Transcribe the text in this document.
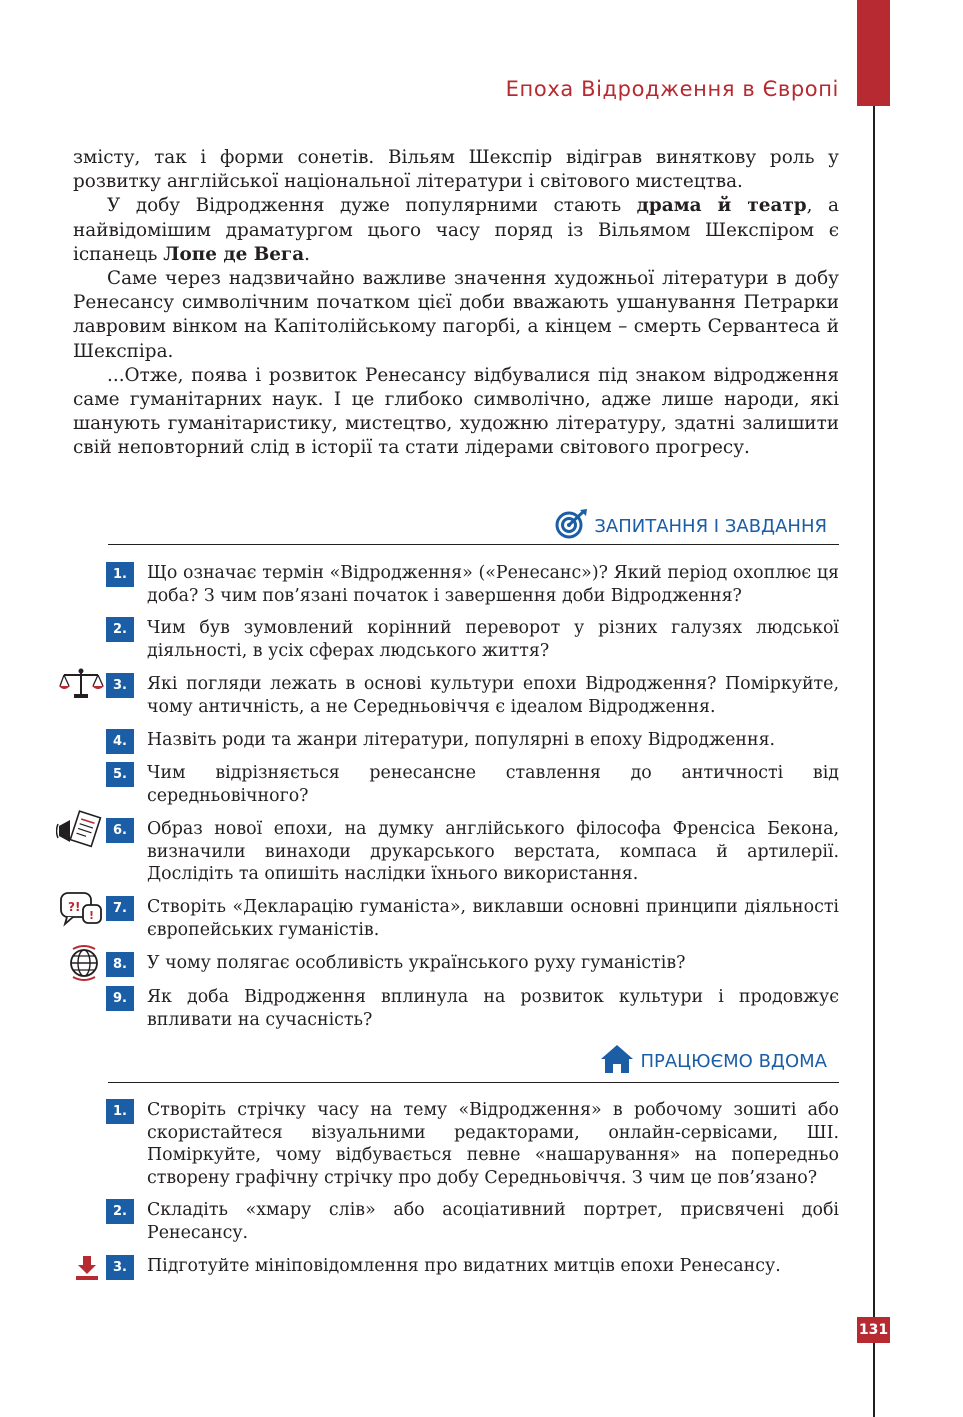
Епоха Відродження в Європі
131

змісту, так і форми сонетів. Вільям Шекспір відіграв виняткову роль у розвитку англійської національної літератури і світового мистецтва.

У добу Відродження дуже популярними стають драма й театр, а найвідомішим драматургом цього часу поряд із Вільямом Шекспіром є іспанець Лопе де Вега.

Саме через надзвичайно важливе значення художньої літератури в добу Ренесансу символічним початком цієї доби вважають ушанування Петрарки лавровим вінком на Капітолійському пагорбі, а кінцем – смерть Сервантеса й Шекспіра.

...Отже, поява і розвиток Ренесансу відбувалися під знаком відродження саме гуманітарних наук. І це глибоко символічно, адже лише народи, які шанують гуманітаристику, мистецтво, художню літературу, здатні залишити свій неповторний слід в історії та стати лідерами світового прогресу.

ЗАПИТАННЯ І ЗАВДАННЯ
1.	Що означає термін «Відродження» («Ренесанс»)? Який період охоплює ця доба? З чим пов’язані початок і завершення доби Відродження?
2.	Чим був зумовлений корінний переворот у різних галузях людської діяльності, в усіх сферах людського життя?
3.	Які погляди лежать в основі культури епохи Відродження? Поміркуйте, чому античність, а не Середньовіччя є ідеалом Відродження.
4.	Назвіть роди та жанри літератури, популярні в епоху Відродження.
5.	Чим відрізняється ренесансне ставлення до античності від середньовічного?
6.	Образ нової епохи, на думку англійського філософа Френсіса Бекона, визначили винаходи друкарського верстата, компаса й артилерії. Дослідіть та опишіть наслідки їхнього використання.
7.	Створіть «Декларацію гуманіста», виклавши основні принципи діяльності європейських гуманістів.
8.	У чому полягає особливість українського руху гуманістів?
9.	Як доба Відродження вплинула на розвиток культури і продовжує впливати на сучасність?
ПРАЦЮЄМО ВДОМА
1.	Створіть стрічку часу на тему «Відродження» в робочому зошиті або скористайтеся візуальними редакторами, онлайн-сервісами, ШІ. Поміркуйте, чому відбувається певне «нашарування» на попередньо створену графічну стрічку про добу Середньовіччя. З чим це пов’язано?
2.	Складіть «хмару слів» або асоціативний портрет, присвячені добі Ренесансу.
3.	Підготуйте мініповідомлення про видатних митців епохи Ренесансу.
?!
!
